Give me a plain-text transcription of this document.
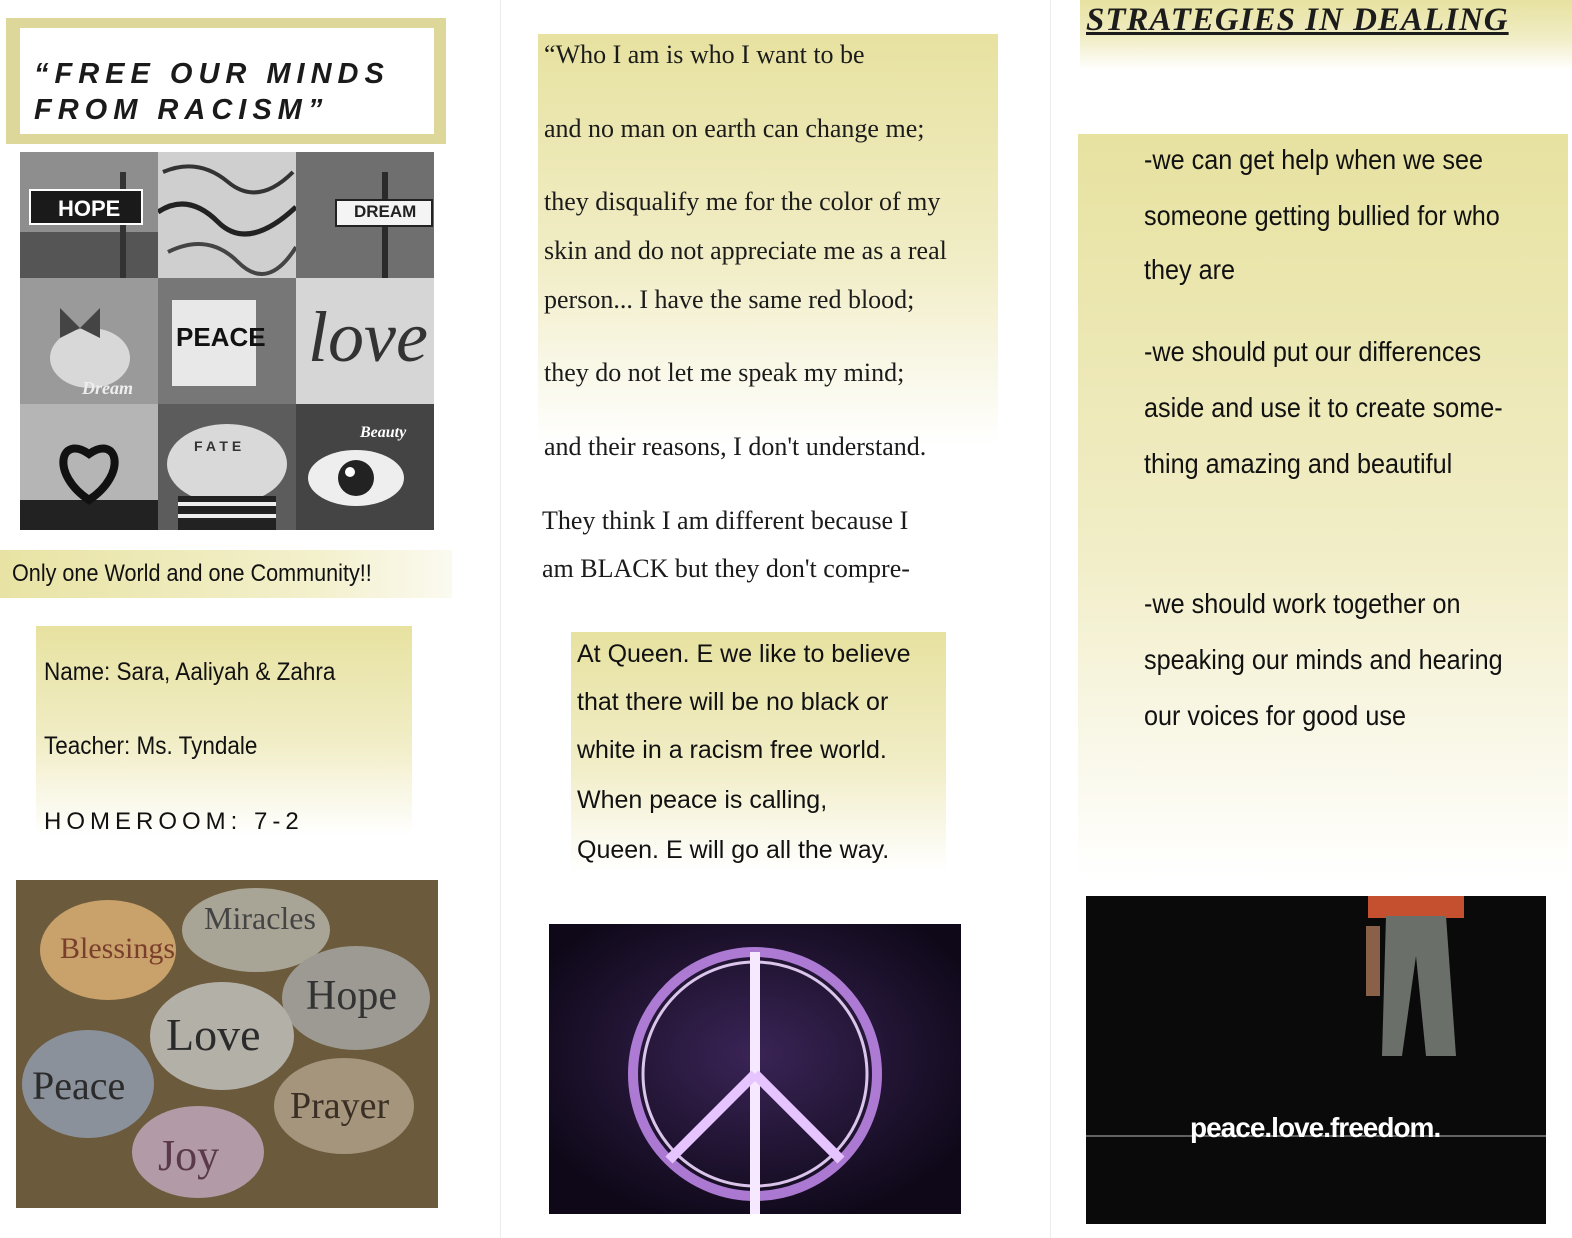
“FREE OUR MINDS
FROM RACISM”
HOPE	DREAM
Dream
PEACE love
F A T E
Beauty
Only one World and one Community!!
Name: Sara, Aaliyah & Zahra
Teacher: Ms. Tyndale
HOMEROOM: 7-2
Blessings
Miracles
Hope
Love
Peace	Prayer
Joy
“Who I am is who I want to be
and no man on earth can change me;
they disqualify me for the color of my
skin and do not appreciate me as a real
person... I have the same red blood;
they do not let me speak my mind;
and their reasons, I don't understand.
They think I am different because I
am BLACK but they don't compre-
At Queen. E we like to believe
that there will be no black or
white in a racism free world.
When peace is calling,
Queen. E will go all the way.
STRATEGIES IN DEALING
-we can get help when we see
someone getting bullied for who
they are
-we should put our differences
aside and use it to create some-
thing amazing and beautiful
-we should work together on
speaking our minds and hearing
our voices for good use
peace.love.freedom.
